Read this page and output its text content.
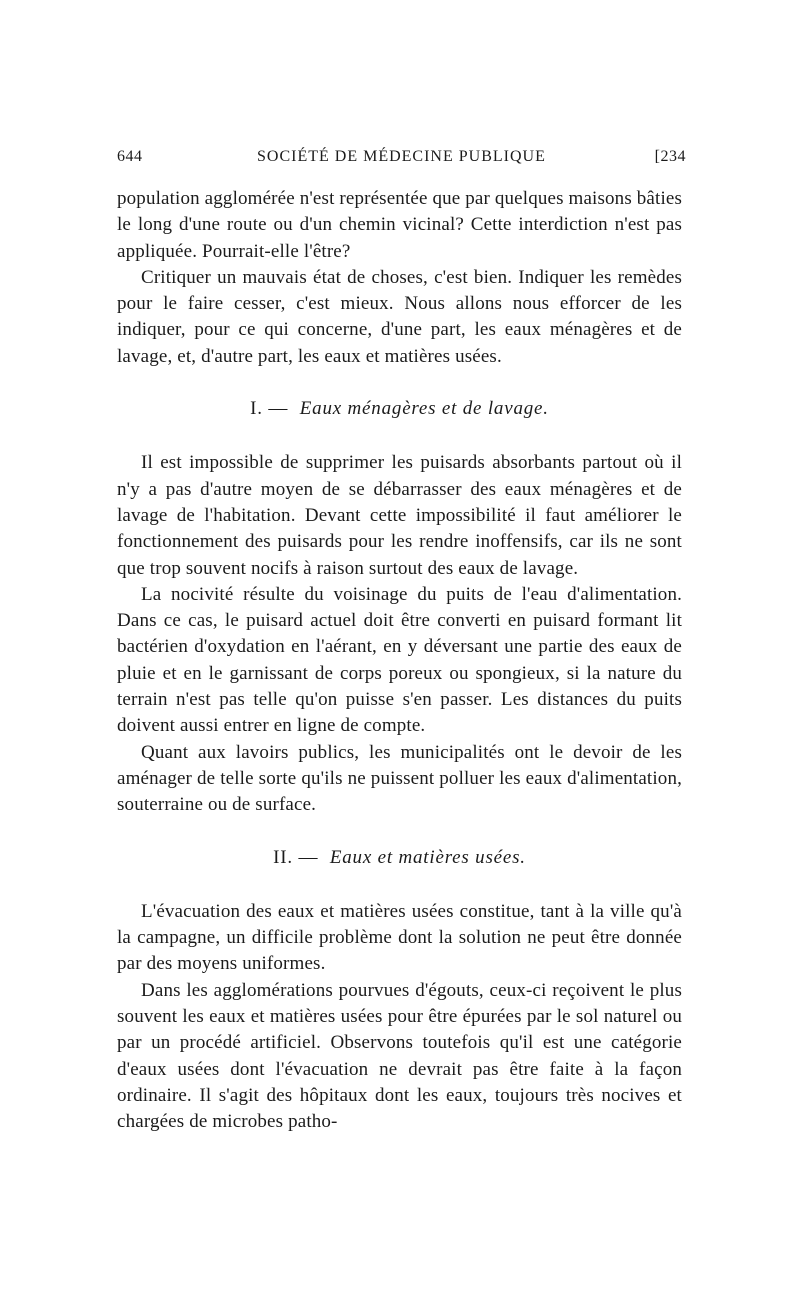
644	SOCIÉTÉ DE MÉDECINE PUBLIQUE	[234

population agglomérée n'est représentée que par quelques maisons bâties le long d'une route ou d'un chemin vicinal? Cette interdiction n'est pas appliquée. Pourrait-elle l'être?

Critiquer un mauvais état de choses, c'est bien. Indiquer les remèdes pour le faire cesser, c'est mieux. Nous allons nous efforcer de les indiquer, pour ce qui concerne, d'une part, les eaux ménagères et de lavage, et, d'autre part, les eaux et matières usées.

I. — Eaux ménagères et de lavage.

Il est impossible de supprimer les puisards absorbants partout où il n'y a pas d'autre moyen de se débarrasser des eaux ménagères et de lavage de l'habitation. Devant cette impossibilité il faut améliorer le fonctionnement des puisards pour les rendre inoffensifs, car ils ne sont que trop souvent nocifs à raison surtout des eaux de lavage.

La nocivité résulte du voisinage du puits de l'eau d'alimentation. Dans ce cas, le puisard actuel doit être converti en puisard formant lit bactérien d'oxydation en l'aérant, en y déversant une partie des eaux de pluie et en le garnissant de corps poreux ou spongieux, si la nature du terrain n'est pas telle qu'on puisse s'en passer. Les distances du puits doivent aussi entrer en ligne de compte.

Quant aux lavoirs publics, les municipalités ont le devoir de les aménager de telle sorte qu'ils ne puissent polluer les eaux d'alimentation, souterraine ou de surface.

II. — Eaux et matières usées.

L'évacuation des eaux et matières usées constitue, tant à la ville qu'à la campagne, un difficile problème dont la solution ne peut être donnée par des moyens uniformes.

Dans les agglomérations pourvues d'égouts, ceux-ci reçoivent le plus souvent les eaux et matières usées pour être épurées par le sol naturel ou par un procédé artificiel. Observons toutefois qu'il est une catégorie d'eaux usées dont l'évacuation ne devrait pas être faite à la façon ordinaire. Il s'agit des hôpitaux dont les eaux, toujours très nocives et chargées de microbes patho-
